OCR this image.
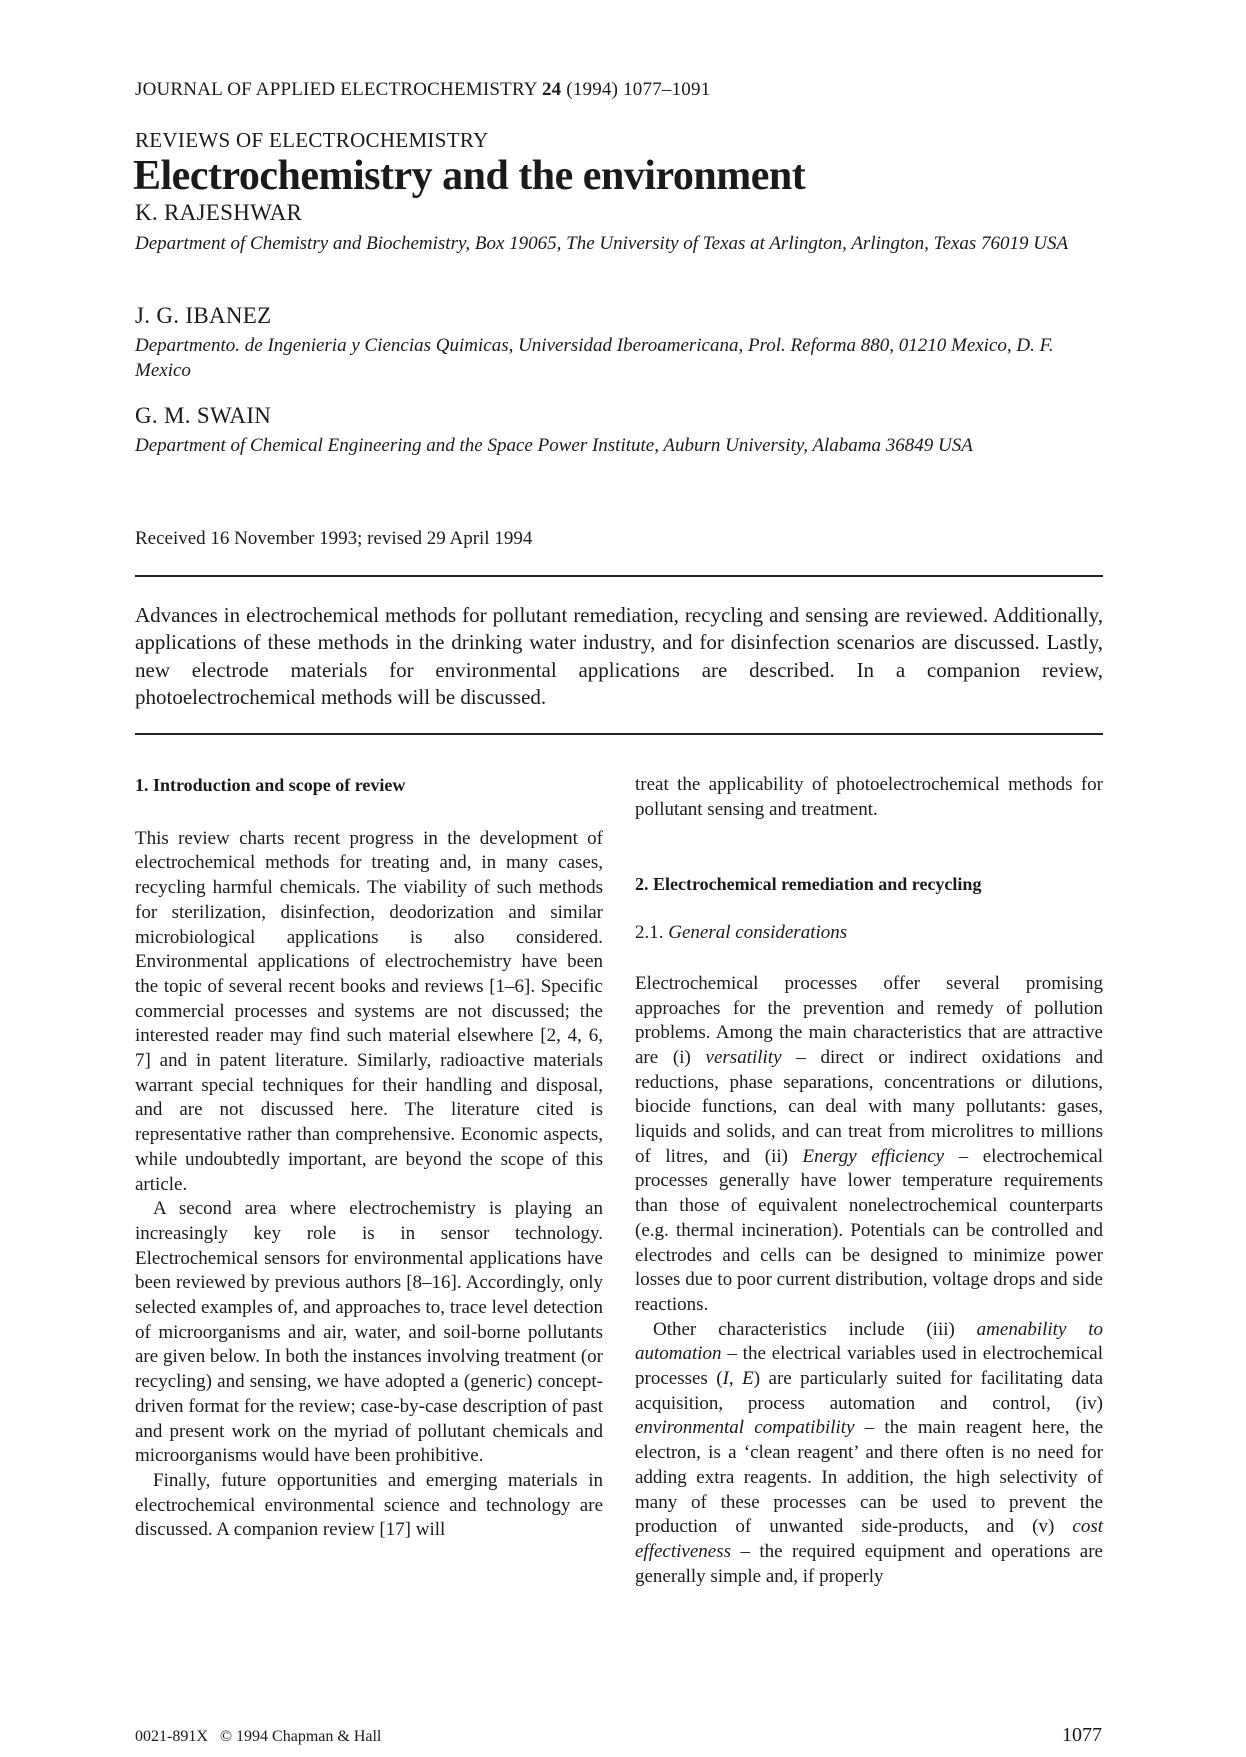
JOURNAL OF APPLIED ELECTROCHEMISTRY 24 (1994) 1077–1091
REVIEWS OF ELECTROCHEMISTRY
Electrochemistry and the environment
K. RAJESHWAR
Department of Chemistry and Biochemistry, Box 19065, The University of Texas at Arlington, Arlington, Texas 76019 USA
J. G. IBANEZ
Departmento. de Ingenieria y Ciencias Quimicas, Universidad Iberoamericana, Prol. Reforma 880, 01210 Mexico, D. F. Mexico
G. M. SWAIN
Department of Chemical Engineering and the Space Power Institute, Auburn University, Alabama 36849 USA
Received 16 November 1993; revised 29 April 1994
Advances in electrochemical methods for pollutant remediation, recycling and sensing are reviewed. Additionally, applications of these methods in the drinking water industry, and for disinfection scenarios are discussed. Lastly, new electrode materials for environmental applications are described. In a companion review, photoelectrochemical methods will be discussed.
1. Introduction and scope of review

This review charts recent progress in the development of electrochemical methods for treating and, in many cases, recycling harmful chemicals. The viability of such methods for sterilization, disinfection, deodorization and similar microbiological applications is also considered. Environmental applications of electrochemistry have been the topic of several recent books and reviews [1–6]. Specific commercial processes and systems are not discussed; the interested reader may find such material elsewhere [2, 4, 6, 7] and in patent literature. Similarly, radioactive materials warrant special techniques for their handling and disposal, and are not discussed here. The literature cited is representative rather than comprehensive. Economic aspects, while undoubtedly important, are beyond the scope of this article.

A second area where electrochemistry is playing an increasingly key role is in sensor technology. Electrochemical sensors for environmental applications have been reviewed by previous authors [8–16]. Accordingly, only selected examples of, and approaches to, trace level detection of microorganisms and air, water, and soil-borne pollutants are given below. In both the instances involving treatment (or recycling) and sensing, we have adopted a (generic) concept-driven format for the review; case-by-case description of past and present work on the myriad of pollutant chemicals and microorganisms would have been prohibitive.

Finally, future opportunities and emerging materials in electrochemical environmental science and technology are discussed. A companion review [17] will

treat the applicability of photoelectrochemical methods for pollutant sensing and treatment.

2. Electrochemical remediation and recycling
2.1. General considerations

Electrochemical processes offer several promising approaches for the prevention and remedy of pollution problems. Among the main characteristics that are attractive are (i) versatility – direct or indirect oxidations and reductions, phase separations, concentrations or dilutions, biocide functions, can deal with many pollutants: gases, liquids and solids, and can treat from microlitres to millions of litres, and (ii) Energy efficiency – electrochemical processes generally have lower temperature requirements than those of equivalent nonelectrochemical counterparts (e.g. thermal incineration). Potentials can be controlled and electrodes and cells can be designed to minimize power losses due to poor current distribution, voltage drops and side reactions.

Other characteristics include (iii) amenability to automation – the electrical variables used in electrochemical processes (I, E) are particularly suited for facilitating data acquisition, process automation and control, (iv) environmental compatibility – the main reagent here, the electron, is a ‘clean reagent’ and there often is no need for adding extra reagents. In addition, the high selectivity of many of these processes can be used to prevent the production of unwanted side-products, and (v) cost effectiveness – the required equipment and operations are generally simple and, if properly

0021-891X © 1994 Chapman & Hall	1077
